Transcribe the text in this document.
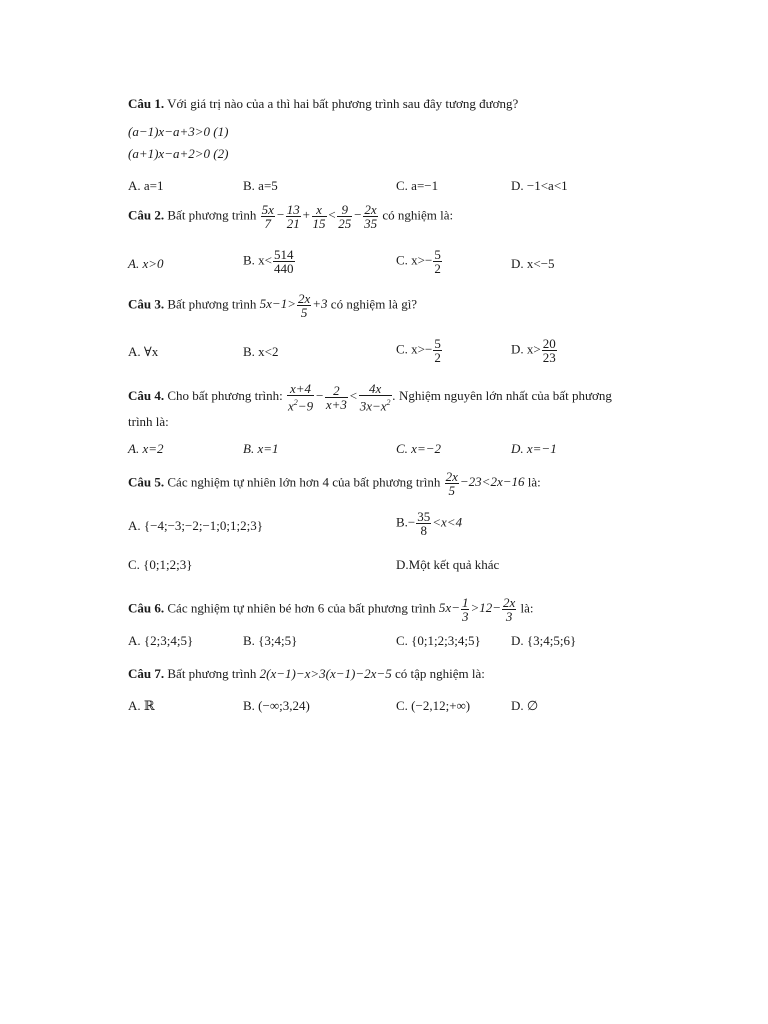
Câu 1. Với giá trị nào của a thì hai bất phương trình sau đây tương đương?
(a−1)x−a+3>0 (1)
(a+1)x−a+2>0 (2)
A. a=1	B. a=5	C. a=−1	D. −1<a<1
Câu 2. Bất phương trình $\frac{5x}{7} - \frac{13}{21} + \frac{x}{15} < \frac{9}{25} - \frac{2x}{35}$ có nghiệm là:
A. x>0	B. $x< \frac{514}{440}$	C. $x>- \frac{5}{2}$	D. x<−5
Câu 3. Bất phương trình $5x-1> \frac{2x}{5} +3$ có nghiệm là gì?
A. ∀x	B. x<2	C. $x>- \frac{5}{2}$	D. $x> \frac{20}{23}$
Câu 4. Cho bất phương trình: $\frac{x+4}{x^2-9} - \frac{2}{x+3} < \frac{4x}{3x-x^2}$ . Nghiệm nguyên lớn nhất của bất phương
trình là:
A. x=2	B. x=1	C. x=−2	D. x=−1
Câu 5. Các nghiệm tự nhiên lớn hơn 4 của bất phương trình $\frac{2x}{5} -23<2x-16$ là:
A. {−4;−3;−2;−1;0;1;2;3}	$B.- \frac{35}{8} <x<4$
C. {0;1;2;3}	D.Một kết quả khác
Câu 6. Các nghiệm tự nhiên bé hơn 6 của bất phương trình $5x- \frac{1}{3} >12- \frac{2x}{3}$ là:
A. {2;3;4;5}	B. {3;4;5}	C. {0;1;2;3;4;5} D. {3;4;5;6}
Câu 7. Bất phương trình 2(x−1)−x>3(x−1)−2x−5 có tập nghiệm là:
A. ℝ	B. (−∞;3,24)	C. (−2,12;+∞)	D. ∅
